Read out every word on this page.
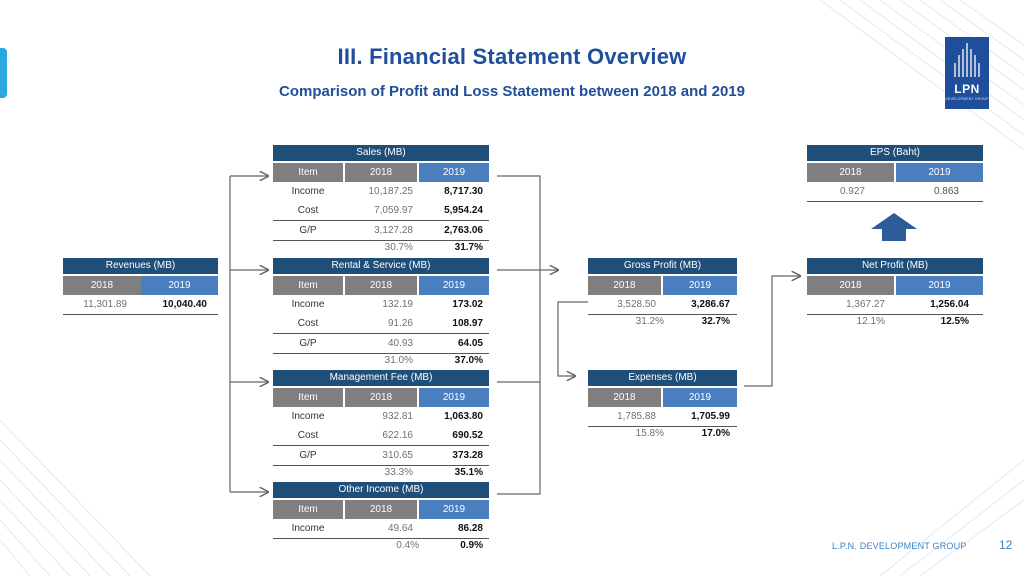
III. Financial Statement Overview
Comparison of Profit and Loss Statement between 2018 and 2019	LPN
DEVELOPMENT GROUP
Revenues (MB)
2018	2019
11,301.89	10,040.40
Sales (MB)
Item	2018	2019
Income	10,187.25	8,717.30
Cost	7,059.97	5,954.24
G/P	3,127.28	2,763.06
30.7%	31.7%
Rental & Service (MB)
Item	2018	2019
Income	132.19	173.02
Cost	91.26	108.97
G/P	40.93	64.05
31.0%	37.0%
Management Fee (MB)
Item	2018	2019
Income	932.81	1,063.80
Cost	622.16	690.52
G/P	310.65	373.28
33.3%	35.1%
Other Income (MB)
Item	2018	2019
Income	49.64	86.28
0.4%	0.9%
Gross Profit (MB)
2018	2019
3,528.50	3,286.67
31.2%	32.7%
Expenses (MB)
2018	2019
1,785.88	1,705.99
15.8%	17.0%
Net Profit (MB)
2018	2019
1,367.27	1,256.04
12.1%	12.5%
EPS (Baht)
2018	2019
0.927	0.863
L.P.N. DEVELOPMENT GROUP	12
